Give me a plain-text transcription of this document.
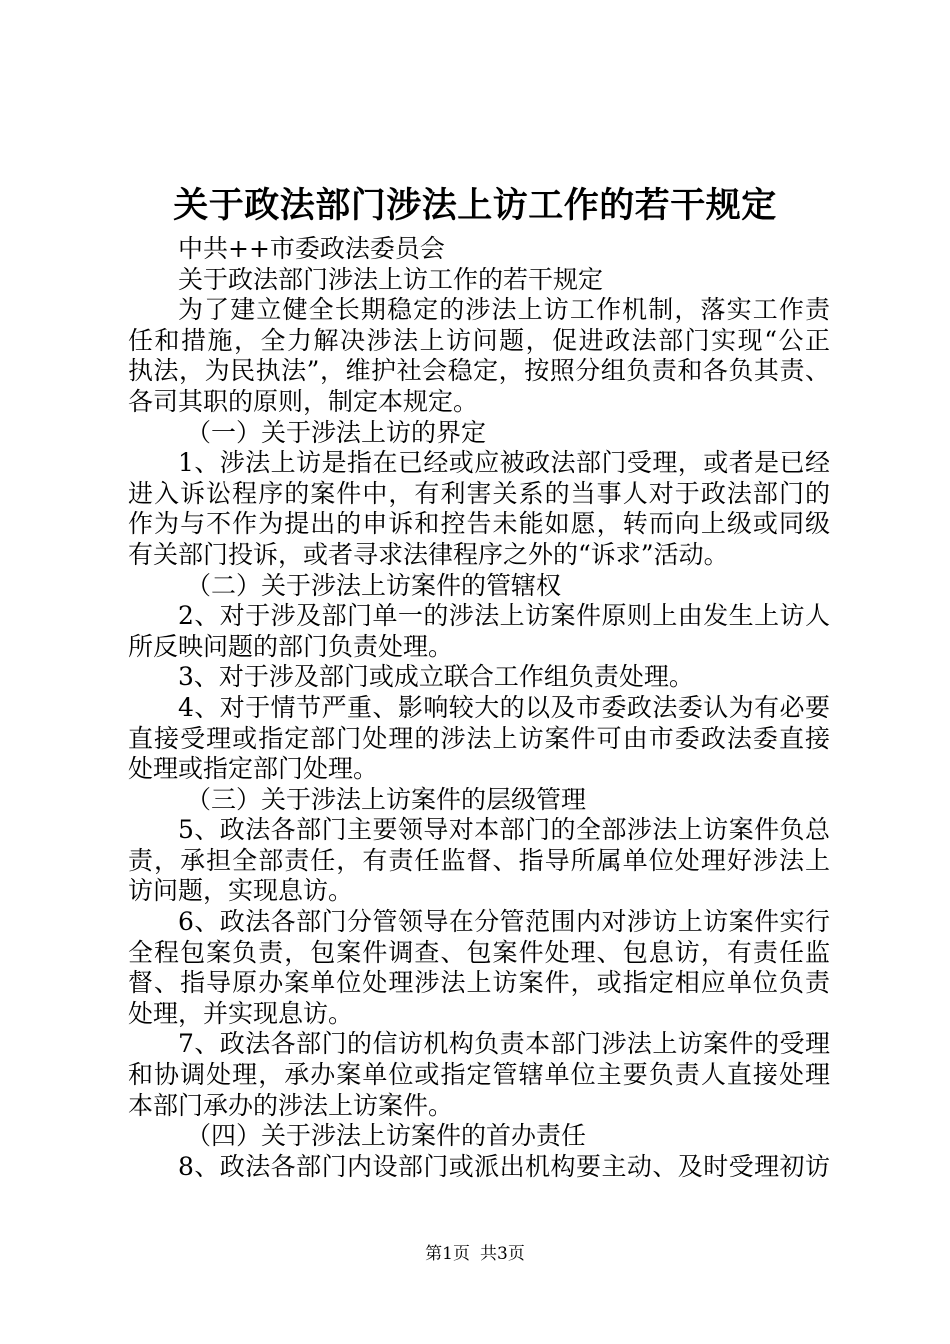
关于政法部门涉法上访工作的若干规定
中共++市委政法委员会
关于政法部门涉法上访工作的若干规定
为了建立健全长期稳定的涉法上访工作机制，落实工作责
任和措施，全力解决涉法上访问题，促进政法部门实现“公正
执法，为民执法”，维护社会稳定，按照分组负责和各负其责、
各司其职的原则，制定本规定。
（一）关于涉法上访的界定
1、涉法上访是指在已经或应被政法部门受理，或者是已经
进入诉讼程序的案件中，有利害关系的当事人对于政法部门的
作为与不作为提出的申诉和控告未能如愿，转而向上级或同级
有关部门投诉，或者寻求法律程序之外的“诉求”活动。
（二）关于涉法上访案件的管辖权
2、对于涉及部门单一的涉法上访案件原则上由发生上访人
所反映问题的部门负责处理。
3、对于涉及部门或成立联合工作组负责处理。
4、对于情节严重、影响较大的以及市委政法委认为有必要
直接受理或指定部门处理的涉法上访案件可由市委政法委直接
处理或指定部门处理。
（三）关于涉法上访案件的层级管理
5、政法各部门主要领导对本部门的全部涉法上访案件负总
责，承担全部责任，有责任监督、指导所属单位处理好涉法上
访问题，实现息访。
6、政法各部门分管领导在分管范围内对涉访上访案件实行
全程包案负责，包案件调查、包案件处理、包息访，有责任监
督、指导原办案单位处理涉法上访案件，或指定相应单位负责
处理，并实现息访。
7、政法各部门的信访机构负责本部门涉法上访案件的受理
和协调处理，承办案单位或指定管辖单位主要负责人直接处理
本部门承办的涉法上访案件。
（四）关于涉法上访案件的首办责任
8、政法各部门内设部门或派出机构要主动、及时受理初访
第1页 共3页
